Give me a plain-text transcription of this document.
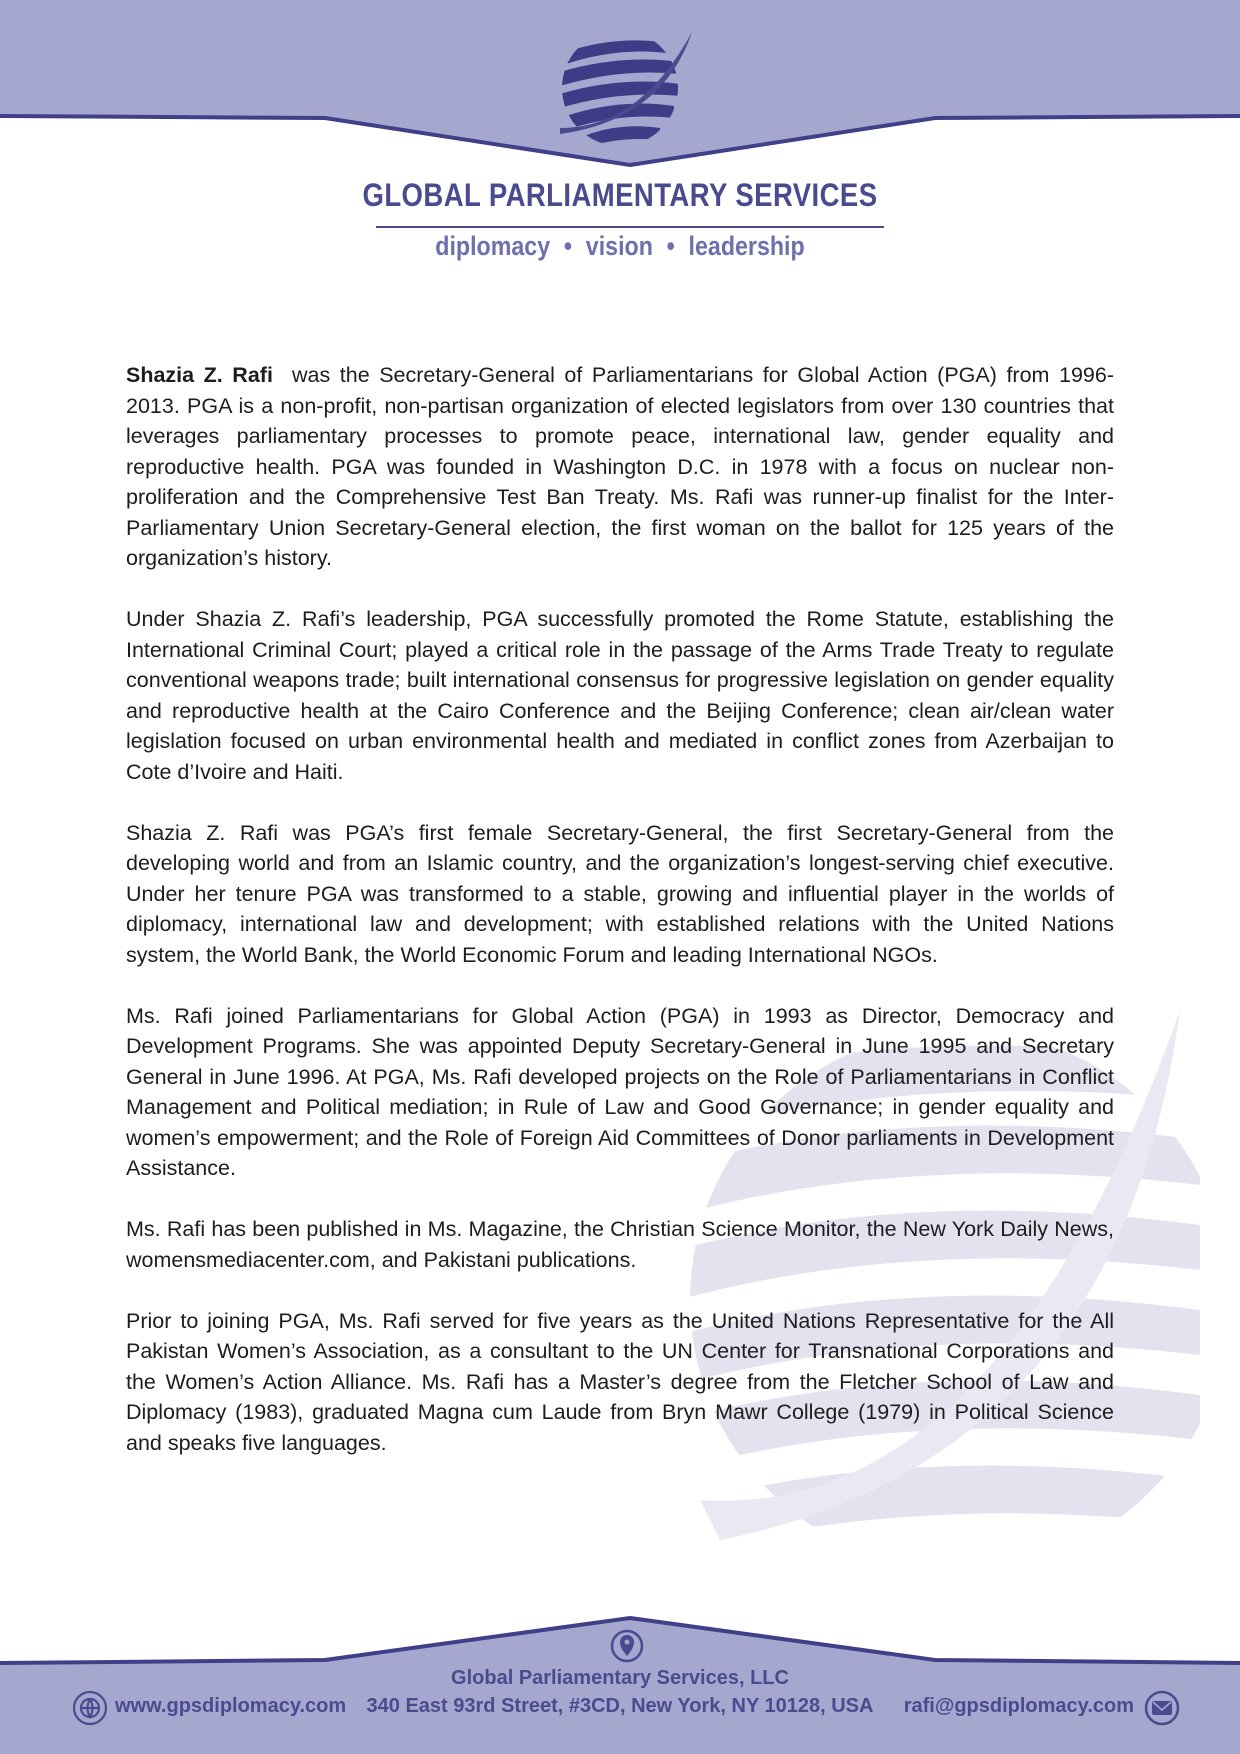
GLOBAL PARLIAMENTARY SERVICES
diplomacy • vision • leadership

Shazia Z. Rafi was the Secretary-General of Parliamentarians for Global Action (PGA) from 1996-2013. PGA is a non-profit, non-partisan organization of elected legislators from over 130 countries that leverages parliamentary processes to promote peace, international law, gender equality and reproductive health. PGA was founded in Washington D.C. in 1978 with a focus on nuclear non-proliferation and the Comprehensive Test Ban Treaty. Ms. Rafi was runner-up finalist for the Inter-Parliamentary Union Secretary-General election, the first woman on the ballot for 125 years of the organization’s history.

Under Shazia Z. Rafi’s leadership, PGA successfully promoted the Rome Statute, establishing the International Criminal Court; played a critical role in the passage of the Arms Trade Treaty to regulate conventional weapons trade; built international consensus for progressive legislation on gender equality and reproductive health at the Cairo Conference and the Beijing Conference; clean air/clean water legislation focused on urban environmental health and mediated in conflict zones from Azerbaijan to Cote d’Ivoire and Haiti.

Shazia Z. Rafi was PGA’s first female Secretary-General, the first Secretary-General from the developing world and from an Islamic country, and the organization’s longest-serving chief executive. Under her tenure PGA was transformed to a stable, growing and influential player in the worlds of diplomacy, international law and development; with established relations with the United Nations system, the World Bank, the World Economic Forum and leading International NGOs.

Ms. Rafi joined Parliamentarians for Global Action (PGA) in 1993 as Director, Democracy and Development Programs. She was appointed Deputy Secretary-General in June 1995 and Secretary General in June 1996. At PGA, Ms. Rafi developed projects on the Role of Parliamentarians in Conflict Management and Political mediation; in Rule of Law and Good Governance; in gender equality and women’s empowerment; and the Role of Foreign Aid Committees of Donor parliaments in Development Assistance.

Ms. Rafi has been published in Ms. Magazine, the Christian Science Monitor, the New York Daily News, womensmediacenter.com, and Pakistani publications.

Prior to joining PGA, Ms. Rafi served for five years as the United Nations Representative for the All Pakistan Women’s Association, as a consultant to the UN Center for Transnational Corporations and the Women’s Action Alliance. Ms. Rafi has a Master’s degree from the Fletcher School of Law and Diplomacy (1983), graduated Magna cum Laude from Bryn Mawr College (1979) in Political Science and speaks five languages.

Global Parliamentary Services, LLC
340 East 93rd Street, #3CD, New York, NY 10128, USA
www.gpsdiplomacy.com	rafi@gpsdiplomacy.com
